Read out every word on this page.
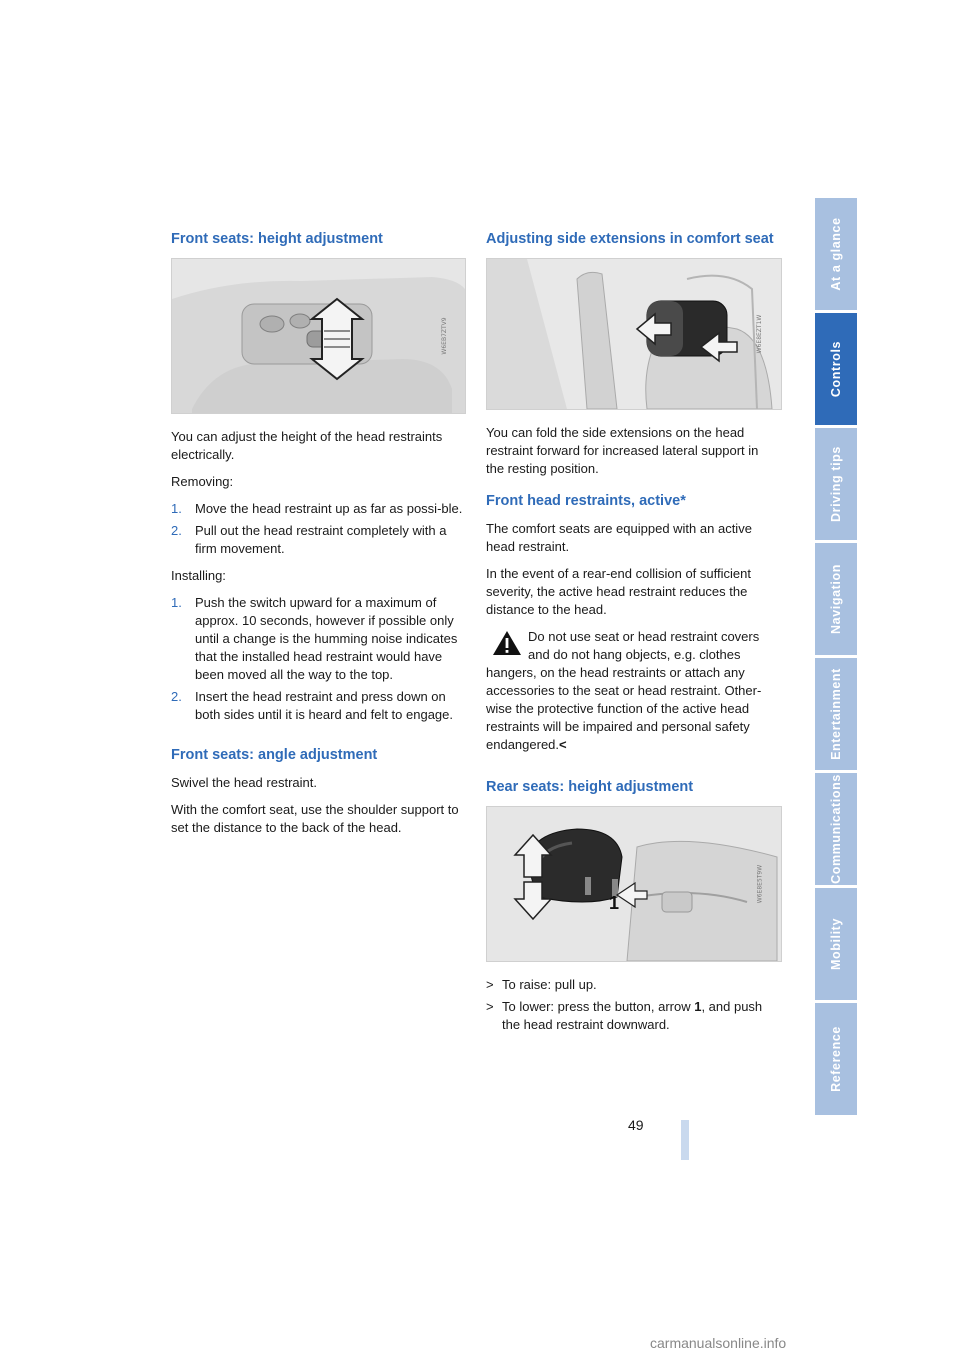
Front seats: height adjustment
W6EB7ZTV9

You can adjust the height of the head restraints electrically.

Removing:

1. Move the head restraint up as far as possi-ble.
2. Pull out the head restraint completely with a firm movement.

Installing:

1. Push the switch upward for a maximum of approx. 10 seconds, however if possible only until a change is the humming noise indicates that the installed head restraint would have been moved all the way to the top.
2. Insert the head restraint and press down on both sides until it is heard and felt to engage.
Front seats: angle adjustment

Swivel the head restraint.

With the comfort seat, use the shoulder support to set the distance to the back of the head.

Adjusting side extensions in comfort seat
W6E8EZT1W

You can fold the side extensions on the head restraint forward for increased lateral support in the resting position.

Front head restraints, active*

The comfort seats are equipped with an active head restraint.

In the event of a rear-end collision of sufficient severity, the active head restraint reduces the distance to the head.

Do not use seat or head restraint covers and do not hang objects, e.g. clothes hangers, on the head restraints or attach any accessories to the seat or head restraint. Other-wise the protective function of the active head restraints will be impaired and personal safety endangered.<
Rear seats: height adjustment
1	W6E8E5T9W
> To raise: pull up.
> To lower: press the button, arrow 1, and push the head restraint downward.
49
At a glance
Controls
Driving tips
Navigation
Entertainment
Communications
Mobility
Reference
carmanualsonline.info
